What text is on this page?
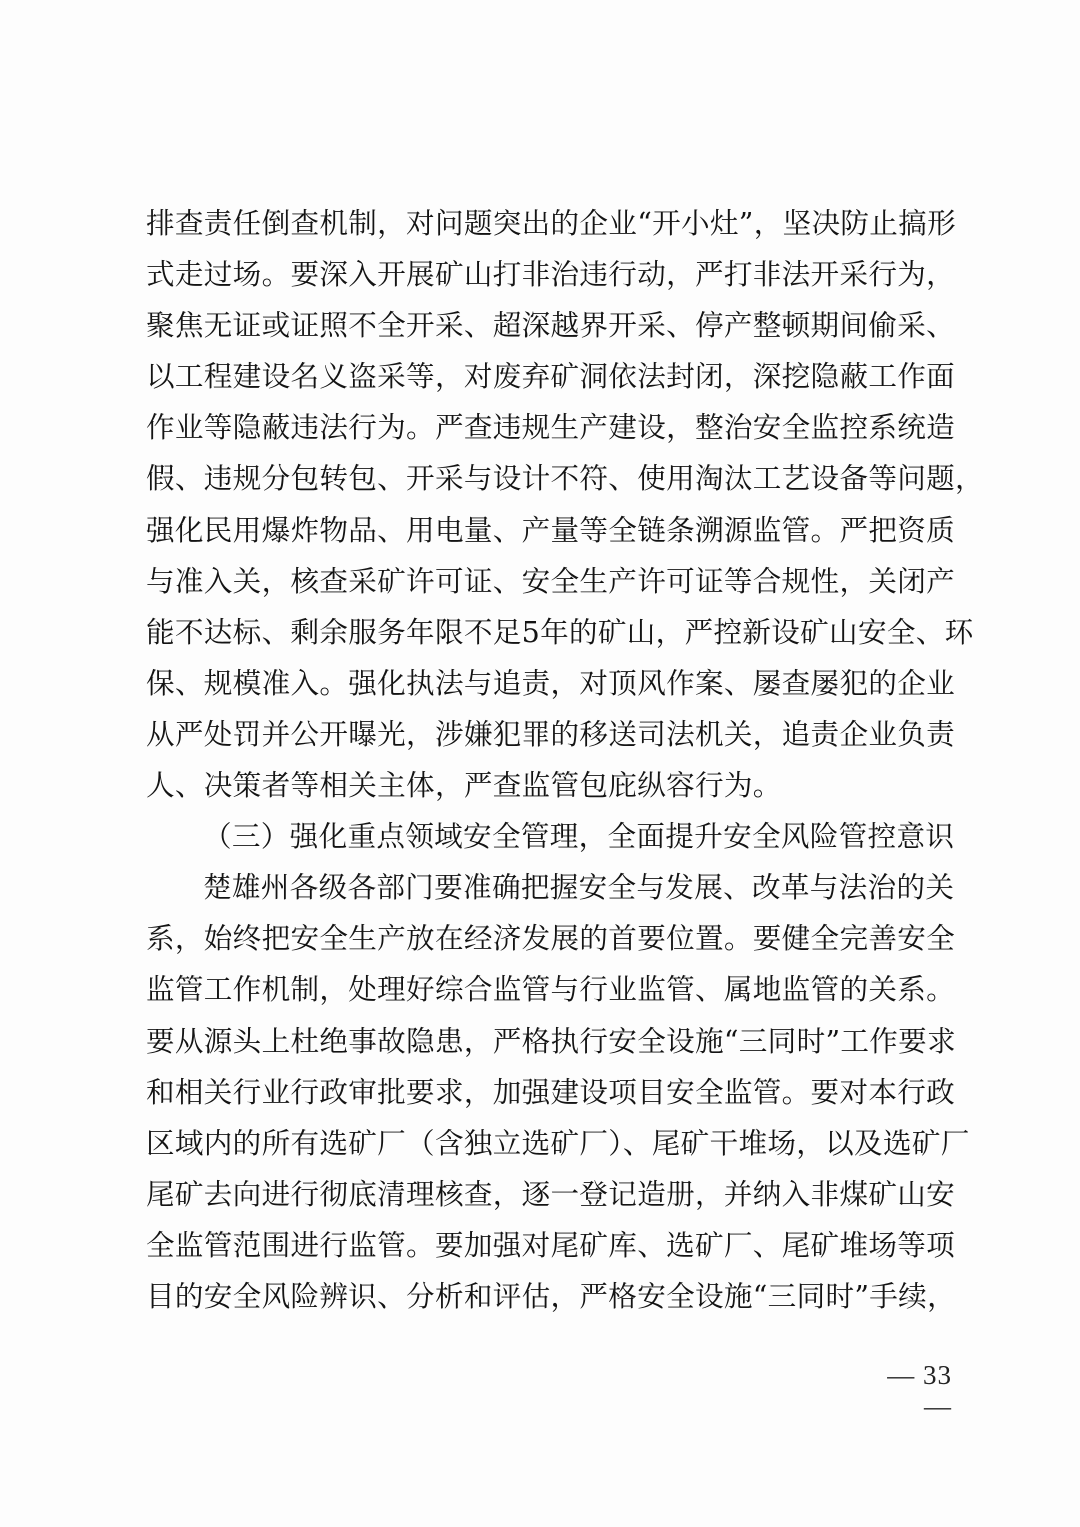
排查责任倒查机制，对问题突出的企业“开小灶”，坚决防止搞形
式走过场。要深入开展矿山打非治违行动，严打非法开采行为，
聚焦无证或证照不全开采、超深越界开采、停产整顿期间偷采、
以工程建设名义盗采等，对废弃矿洞依法封闭，深挖隐蔽工作面
作业等隐蔽违法行为。严查违规生产建设，整治安全监控系统造
假、违规分包转包、开采与设计不符、使用淘汰工艺设备等问题，
强化民用爆炸物品、用电量、产量等全链条溯源监管。严把资质
与准入关，核查采矿许可证、安全生产许可证等合规性，关闭产
能不达标、剩余服务年限不足5年的矿山，严控新设矿山安全、环
保、规模准入。强化执法与追责，对顶风作案、屡查屡犯的企业
从严处罚并公开曝光，涉嫌犯罪的移送司法机关，追责企业负责
人、决策者等相关主体，严查监管包庇纵容行为。
（三）强化重点领域安全管理，全面提升安全风险管控意识
楚雄州各级各部门要准确把握安全与发展、改革与法治的关
系，始终把安全生产放在经济发展的首要位置。要健全完善安全
监管工作机制，处理好综合监管与行业监管、属地监管的关系。
要从源头上杜绝事故隐患，严格执行安全设施“三同时”工作要求
和相关行业行政审批要求，加强建设项目安全监管。要对本行政
区域内的所有选矿厂（含独立选矿厂）、尾矿干堆场，以及选矿厂
尾矿去向进行彻底清理核查，逐一登记造册，并纳入非煤矿山安
全监管范围进行监管。要加强对尾矿库、选矿厂、尾矿堆场等项
目的安全风险辨识、分析和评估，严格安全设施“三同时”手续，
— 33 —
